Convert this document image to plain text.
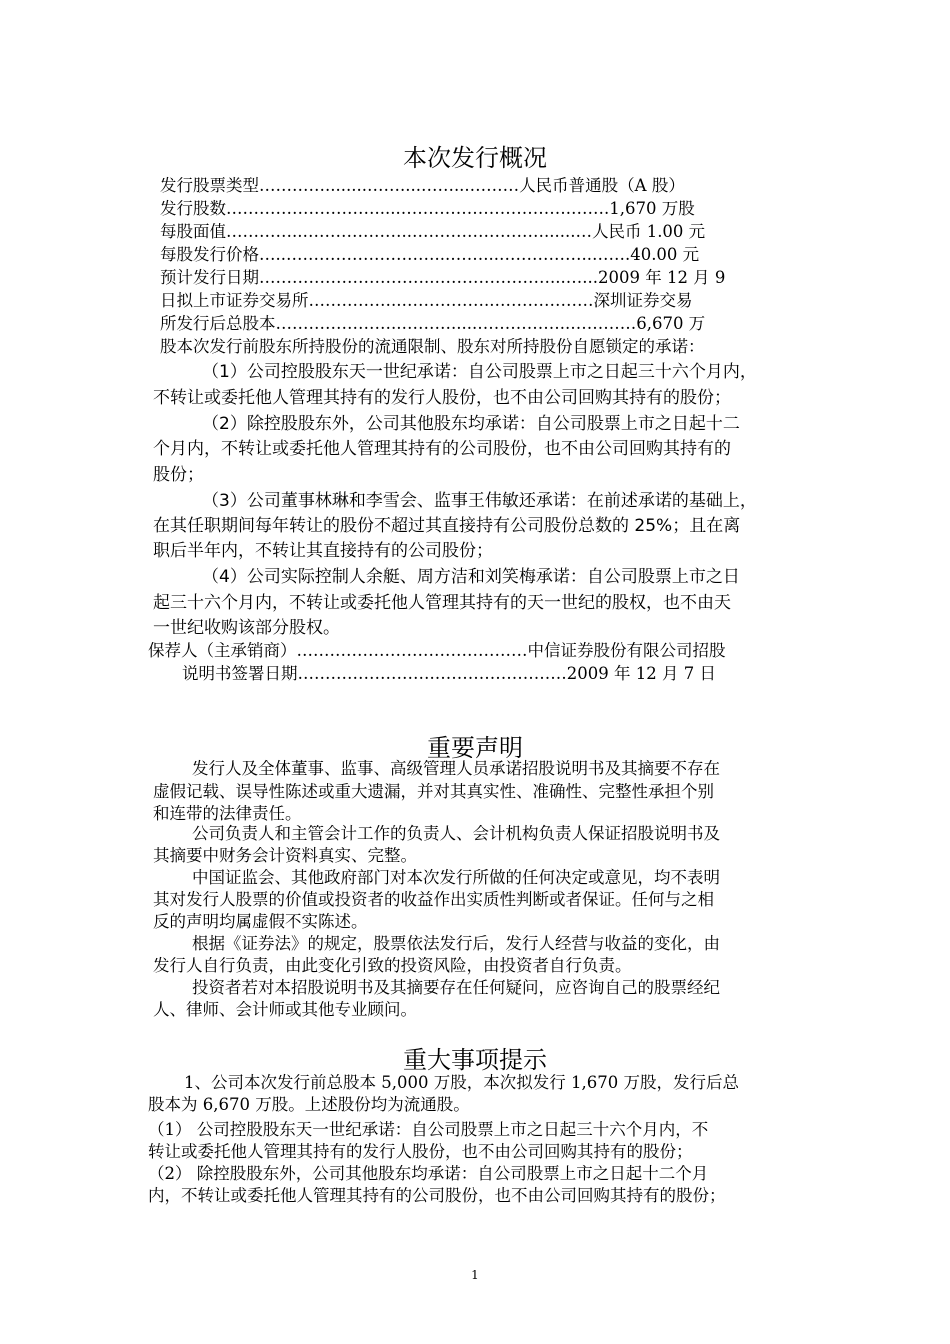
本次发行概况
发行股票类型…………........……....……...………人民币普通股（A 股）
发行股数……………………….....………………………….…….1,670 万股
每股面值…………..………………..……………………......…人民币 1.00 元
每股发行价格…..………………………...……...……………..…….40.00 元
预计发行日期…………………………..…………………...…...2009 年 12 月 9
日拟上市证券交易所……………..……………..………………深圳证券交易
所发行后总股本…………………..……….....……………..…………6,670 万
股本次发行前股东所持股份的流通限制、股东对所持股份自愿锁定的承诺：
（1）公司控股股东天一世纪承诺：自公司股票上市之日起三十六个月内，
不转让或委托他人管理其持有的发行人股份，也不由公司回购其持有的股份；
（2）除控股股东外，公司其他股东均承诺：自公司股票上市之日起十二
个月内，不转让或委托他人管理其持有的公司股份，也不由公司回购其持有的
股份；
（3）公司董事林琳和李雪会、监事王伟敏还承诺：在前述承诺的基础上，
在其任职期间每年转让的股份不超过其直接持有公司股份总数的 25%；且在离
职后半年内，不转让其直接持有的公司股份；
（4）公司实际控制人余艇、周方洁和刘笑梅承诺：自公司股票上市之日
起三十六个月内，不转让或委托他人管理其持有的天一世纪的股权，也不由天
一世纪收购该部分股权。
保荐人（主承销商）……………………………………中信证券股份有限公司招股
说明书签署日期…………………….……………………2009 年 12 月 7 日
重要声明
发行人及全体董事、监事、高级管理人员承诺招股说明书及其摘要不存在
虚假记载、误导性陈述或重大遗漏，并对其真实性、准确性、完整性承担个别
和连带的法律责任。
公司负责人和主管会计工作的负责人、会计机构负责人保证招股说明书及
其摘要中财务会计资料真实、完整。
中国证监会、其他政府部门对本次发行所做的任何决定或意见，均不表明
其对发行人股票的价值或投资者的收益作出实质性判断或者保证。任何与之相
反的声明均属虚假不实陈述。
根据《证券法》的规定，股票依法发行后，发行人经营与收益的变化，由
发行人自行负责，由此变化引致的投资风险，由投资者自行负责。
投资者若对本招股说明书及其摘要存在任何疑问，应咨询自己的股票经纪
人、律师、会计师或其他专业顾问。
重大事项提示
1、公司本次发行前总股本 5,000 万股，本次拟发行 1,670 万股，发行后总
股本为 6,670 万股。上述股份均为流通股。
（1） 公司控股股东天一世纪承诺：自公司股票上市之日起三十六个月内，不
转让或委托他人管理其持有的发行人股份，也不由公司回购其持有的股份；
（2） 除控股股东外，公司其他股东均承诺：自公司股票上市之日起十二个月
内，不转让或委托他人管理其持有的公司股份，也不由公司回购其持有的股份；
1
